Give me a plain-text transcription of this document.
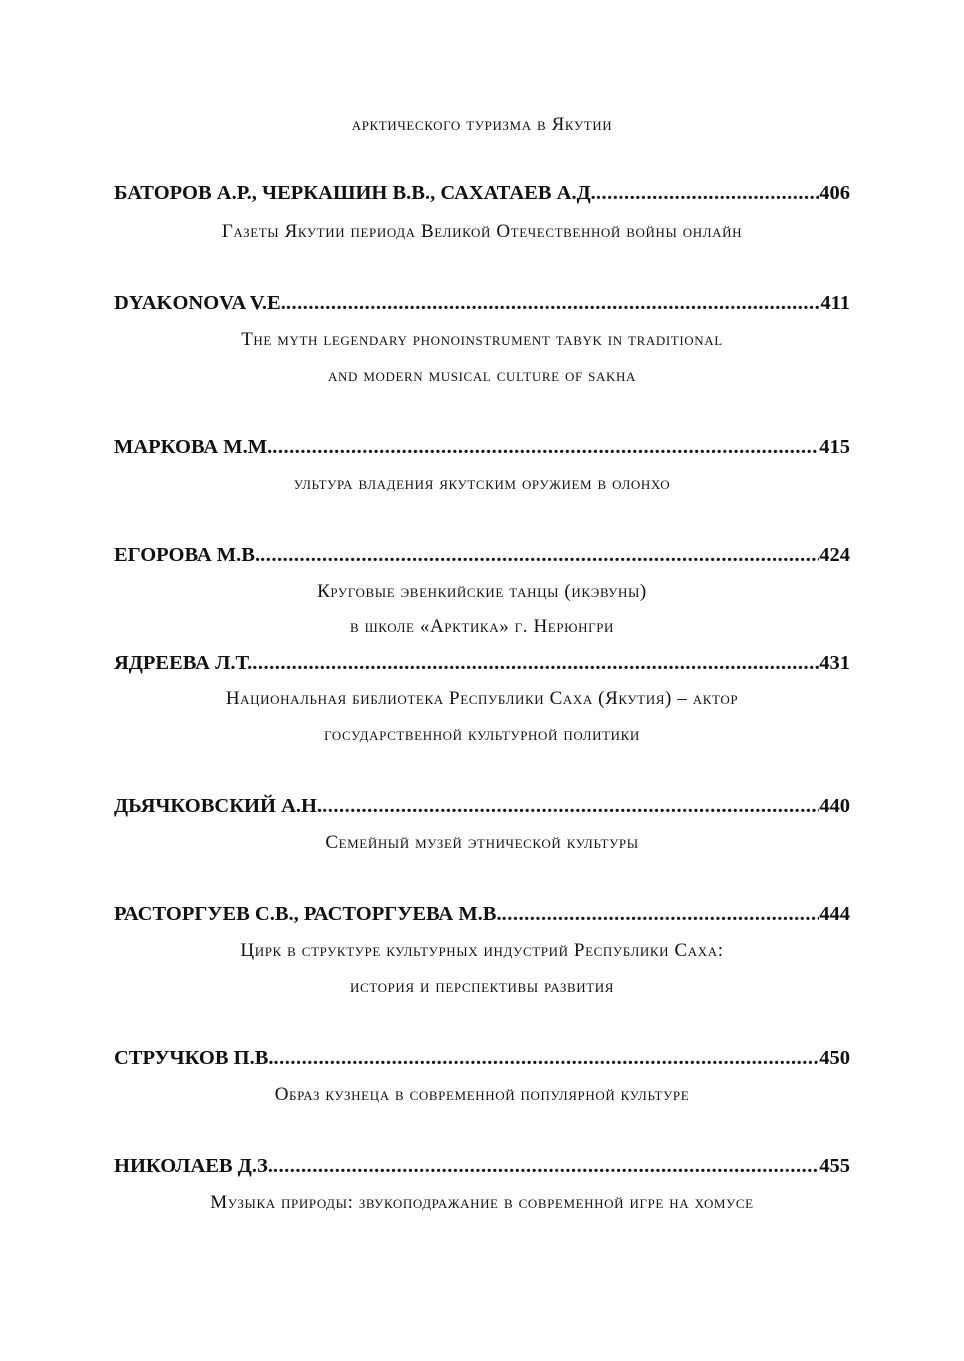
арктического туризма в Якутии
БАТОРОВ А.Р., ЧЕРКАШИН В.В., САХАТАЕВ А.Д. .....	406
Газеты Якутии периода Великой Отечественной войны онлайн
DYAKONOVA V.E. .....	411
The myth legendary phonoinstrument tabyk in traditional
and modern musical culture of sakha
МАРКОВА М.М. .....	415
ультура владения якутским оружием в олонхо
ЕГОРОВА М.В. .....	424
Круговые эвенкийские танцы (икэвуны)
в школе «Арктика» г. Нерюнгри
ЯДРЕЕВА Л.Т. .....	431
Национальная библиотека Республики Саха (Якутия) – актор
государственной культурной политики
ДЬЯЧКОВСКИЙ А.Н. .....	440
Семейный музей этнической культуры
РАСТОРГУЕВ С.В., РАСТОРГУЕВА М.В. .....	444
Цирк в структуре культурных индустрий Республики Саха:
история и перспективы развития
СТРУЧКОВ П.В. .....	450
Образ кузнеца в современной популярной культуре
НИКОЛАЕВ Д.З. .....	455
Музыка природы: звукоподражание в современной игре на хомусе
